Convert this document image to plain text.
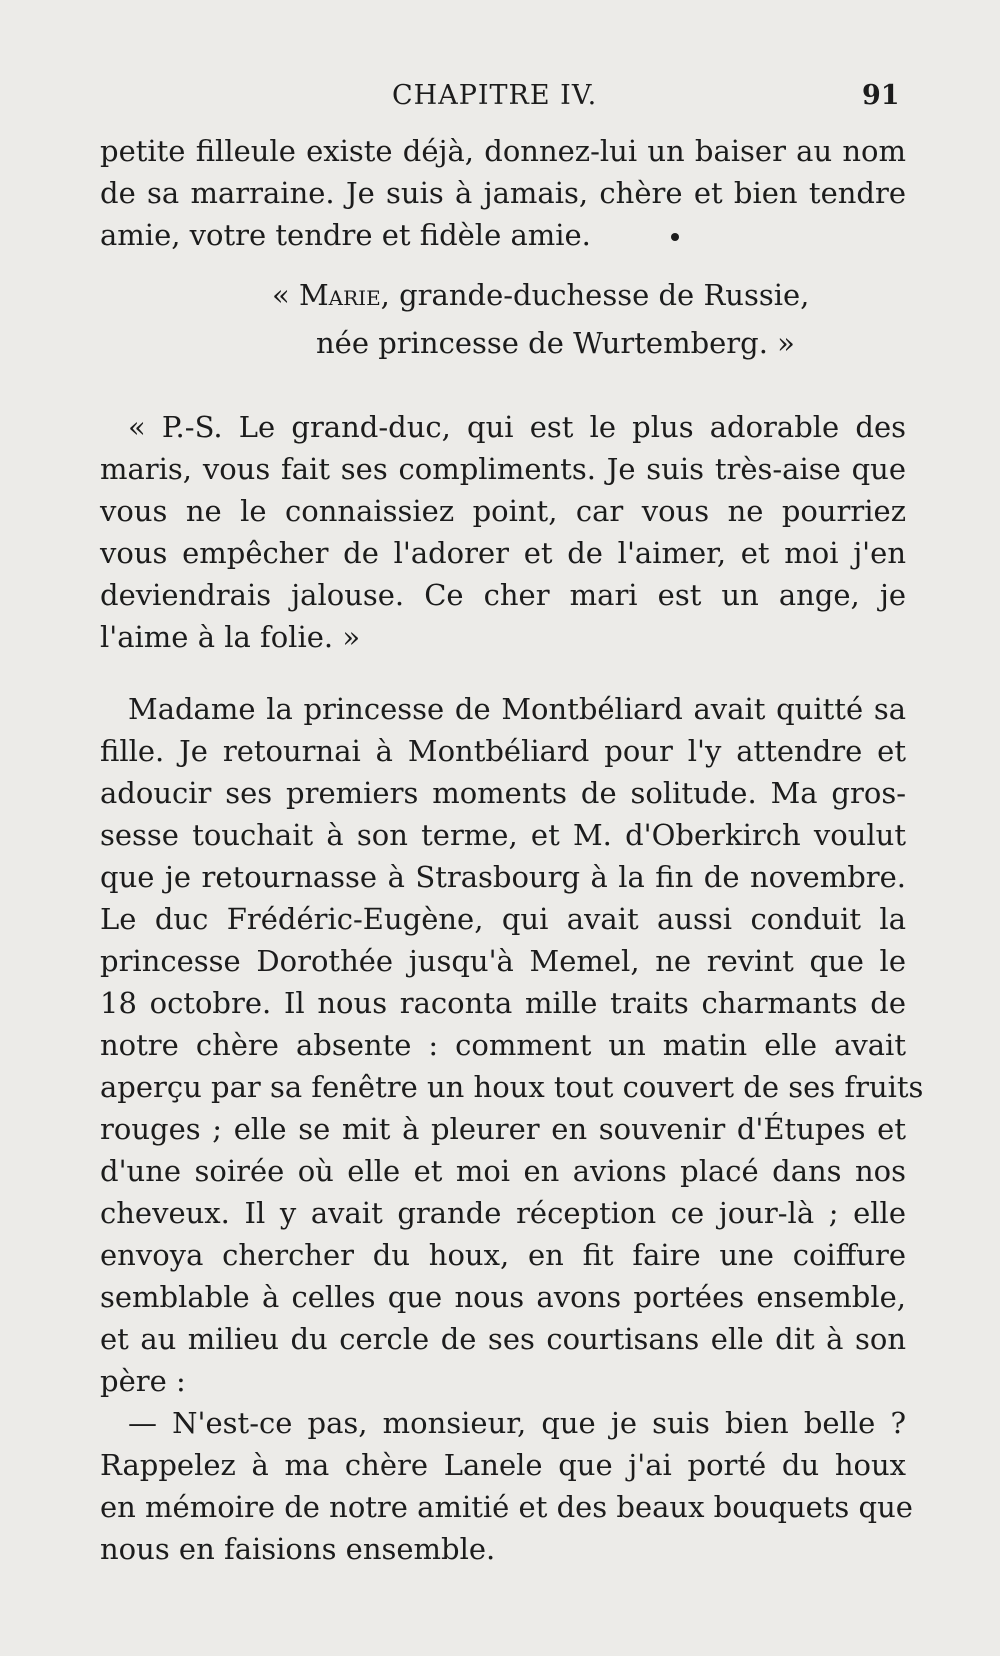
CHAPITRE IV.	91
petite filleule existe déjà, donnez-lui un baiser au nom
de sa marraine. Je suis à jamais, chère et bien tendre
amie, votre tendre et fidèle amie.
« Marie, grande-duchesse de Russie,
née princesse de Wurtemberg. »
« P.-S. Le grand-duc, qui est le plus adorable des
maris, vous fait ses compliments. Je suis très-aise que
vous ne le connaissiez point, car vous ne pourriez
vous empêcher de l'adorer et de l'aimer, et moi j'en
deviendrais jalouse. Ce cher mari est un ange, je
l'aime à la folie. »
Madame la princesse de Montbéliard avait quitté sa
fille. Je retournai à Montbéliard pour l'y attendre et
adoucir ses premiers moments de solitude. Ma gros-
sesse touchait à son terme, et M. d'Oberkirch voulut
que je retournasse à Strasbourg à la fin de novembre.
Le duc Frédéric-Eugène, qui avait aussi conduit la
princesse Dorothée jusqu'à Memel, ne revint que le
18 octobre. Il nous raconta mille traits charmants de
notre chère absente : comment un matin elle avait
aperçu par sa fenêtre un houx tout couvert de ses fruits
rouges ; elle se mit à pleurer en souvenir d'Étupes et
d'une soirée où elle et moi en avions placé dans nos
cheveux. Il y avait grande réception ce jour-là ; elle
envoya chercher du houx, en fit faire une coiffure
semblable à celles que nous avons portées ensemble,
et au milieu du cercle de ses courtisans elle dit à son
père :
— N'est-ce pas, monsieur, que je suis bien belle ?
Rappelez à ma chère Lanele que j'ai porté du houx
en mémoire de notre amitié et des beaux bouquets que
nous en faisions ensemble.
